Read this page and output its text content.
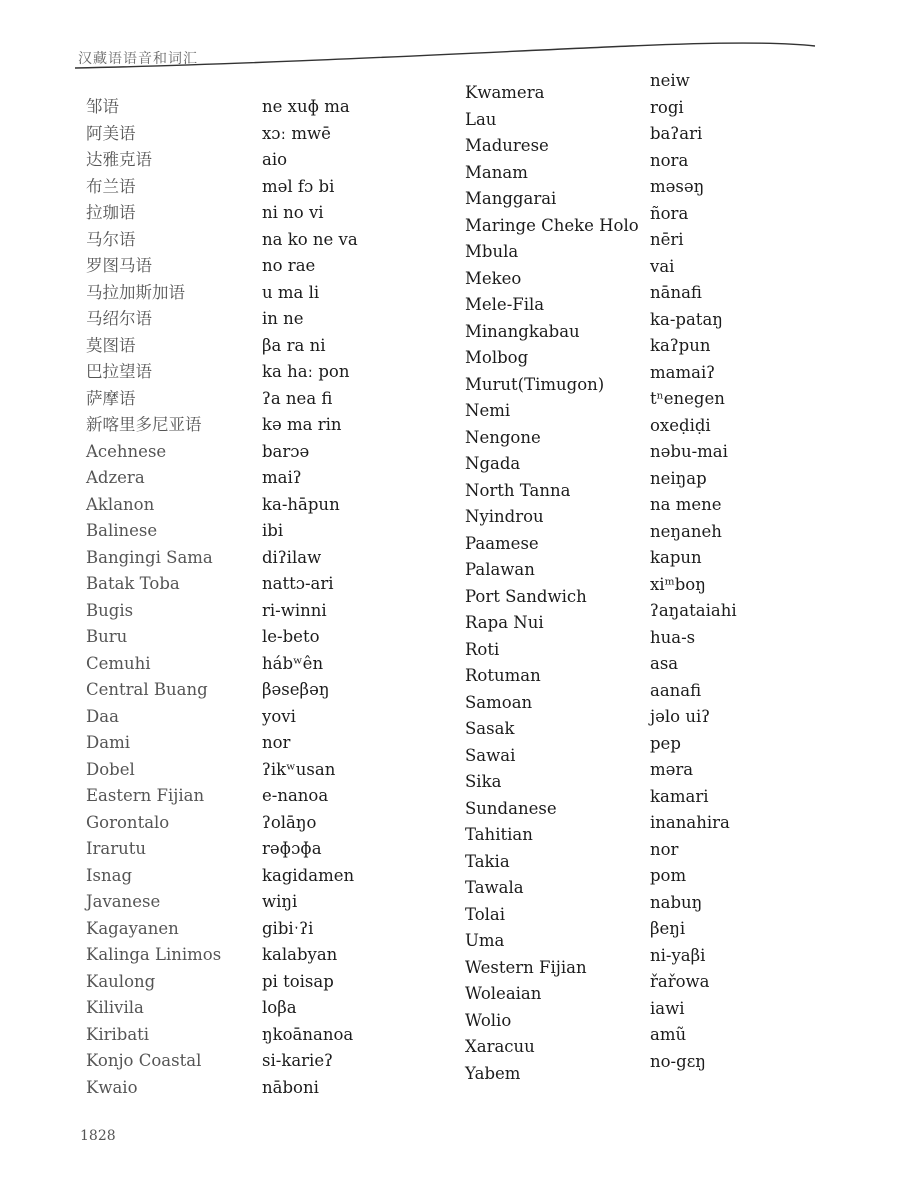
汉藏语语音和词汇
邹语
阿美语
达雅克语
布兰语
拉珈语
马尔语
罗图马语
马拉加斯加语
马绍尔语
莫图语
巴拉望语
萨摩语
新喀里多尼亚语
Acehnese
Adzera
Aklanon
Balinese
Bangingi Sama
Batak Toba
Bugis
Buru
Cemuhi
Central Buang
Daa
Dami
Dobel
Eastern Fijian
Gorontalo
Irarutu
Isnag
Javanese
Kagayanen
Kalinga Linimos
Kaulong
Kilivila
Kiribati
Konjo Coastal
Kwaio
ne xuɸ ma
xɔː mwē
aio
məl fɔ bi
ni no vi
na ko ne va
no rae
u ma li
in ne
βa ra ni
ka haː pon
ʔa nea fi
kə ma rin
barɔə
maiʔ
ka-hāpun
ibi
diʔilaw
nattɔ-ari
ri-winni
le-beto
hábʷên
βəseβəŋ
yovi
nor
ʔikʷusan
e-nanoa
ʔolāŋo
rəɸɔɸa
kagidamen
wiŋi
gibiˑʔi
kalabyan
pi toisap
loβa
ŋkoānanoa
si-karieʔ
nāboni
Kwamera
Lau
Madurese
Manam
Manggarai
Maringe Cheke Holo
Mbula
Mekeo
Mele-Fila
Minangkabau
Molbog
Murut(Timugon)
Nemi
Nengone
Ngada
North Tanna
Nyindrou
Paamese
Palawan
Port Sandwich
Rapa Nui
Roti
Rotuman
Samoan
Sasak
Sawai
Sika
Sundanese
Tahitian
Takia
Tawala
Tolai
Uma
Western Fijian
Woleaian
Wolio
Xaracuu
Yabem
neiw
rogi
baʔari
nora
məsəŋ
ñora
nēri
vai
nānafi
ka-pataŋ
kaʔpun
mamaiʔ
tⁿenegen
oxeḍiḍi
nəbu-mai
neiŋap
na mene
neŋaneh
kapun
xiᵐboŋ
ʔaŋataiahi
hua-s
asa
aanafi
jəlo uiʔ
pep
məra
kamari
inanahira
nor
pom
nabuŋ
βeŋi
ni-yaβi
řařowa
iawi
amũ
no-gɛŋ
1828
